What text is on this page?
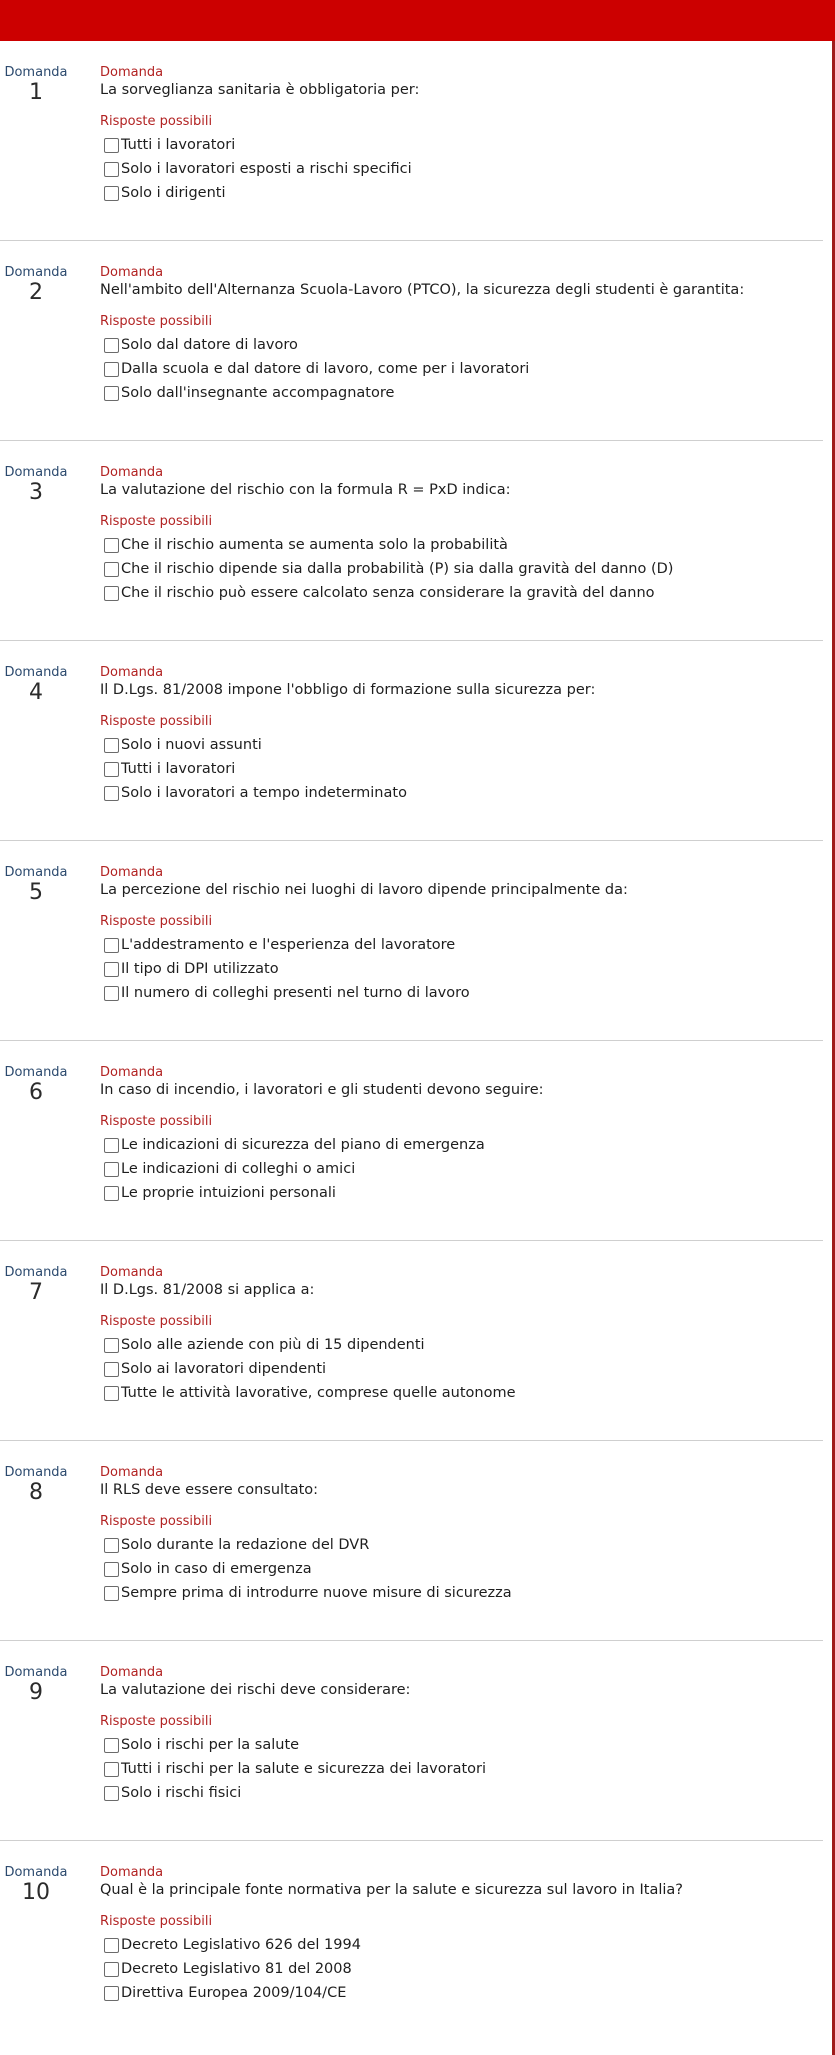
Domanda
1
Domanda
La sorveglianza sanitaria è obbligatoria per:
Risposte possibili
Tutti i lavoratori
Solo i lavoratori esposti a rischi specifici
Solo i dirigenti
Domanda
2
Domanda
Nell'ambito dell'Alternanza Scuola-Lavoro (PTCO), la sicurezza degli studenti è garantita:
Risposte possibili
Solo dal datore di lavoro
Dalla scuola e dal datore di lavoro, come per i lavoratori
Solo dall'insegnante accompagnatore
Domanda
3
Domanda
La valutazione del rischio con la formula R = PxD indica:
Risposte possibili
Che il rischio aumenta se aumenta solo la probabilità
Che il rischio dipende sia dalla probabilità (P) sia dalla gravità del danno (D)
Che il rischio può essere calcolato senza considerare la gravità del danno
Domanda
4
Domanda
Il D.Lgs. 81/2008 impone l'obbligo di formazione sulla sicurezza per:
Risposte possibili
Solo i nuovi assunti
Tutti i lavoratori
Solo i lavoratori a tempo indeterminato
Domanda
5
Domanda
La percezione del rischio nei luoghi di lavoro dipende principalmente da:
Risposte possibili
L'addestramento e l'esperienza del lavoratore
Il tipo di DPI utilizzato
Il numero di colleghi presenti nel turno di lavoro
Domanda
6
Domanda
In caso di incendio, i lavoratori e gli studenti devono seguire:
Risposte possibili
Le indicazioni di sicurezza del piano di emergenza
Le indicazioni di colleghi o amici
Le proprie intuizioni personali
Domanda
7
Domanda
Il D.Lgs. 81/2008 si applica a:
Risposte possibili
Solo alle aziende con più di 15 dipendenti
Solo ai lavoratori dipendenti
Tutte le attività lavorative, comprese quelle autonome
Domanda
8
Domanda
Il RLS deve essere consultato:
Risposte possibili
Solo durante la redazione del DVR
Solo in caso di emergenza
Sempre prima di introdurre nuove misure di sicurezza
Domanda
9
Domanda
La valutazione dei rischi deve considerare:
Risposte possibili
Solo i rischi per la salute
Tutti i rischi per la salute e sicurezza dei lavoratori
Solo i rischi fisici
Domanda
10
Domanda
Qual è la principale fonte normativa per la salute e sicurezza sul lavoro in Italia?
Risposte possibili
Decreto Legislativo 626 del 1994
Decreto Legislativo 81 del 2008
Direttiva Europea 2009/104/CE
